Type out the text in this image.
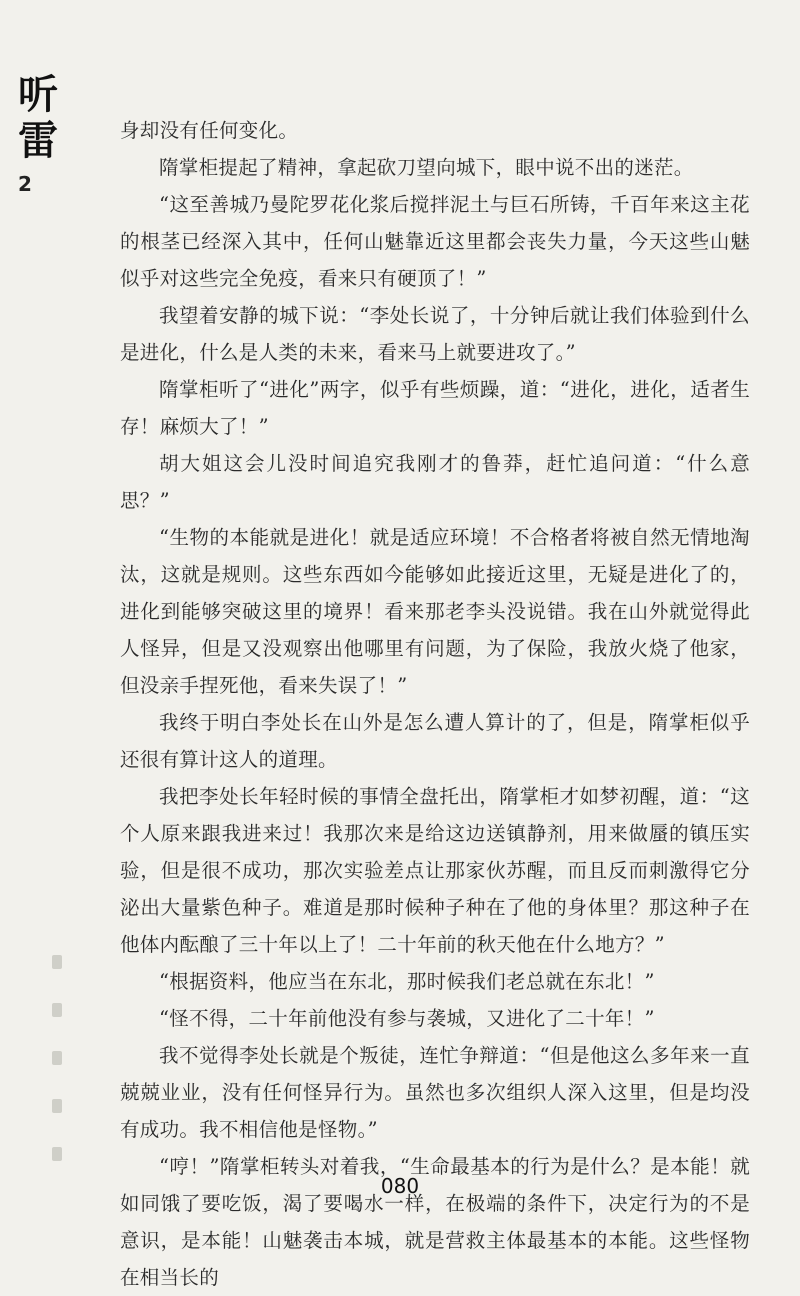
听雷
2

身却没有任何变化。

隋掌柜提起了精神，拿起砍刀望向城下，眼中说不出的迷茫。

“这至善城乃曼陀罗花化浆后搅拌泥土与巨石所铸，千百年来这主花的根茎已经深入其中，任何山魅靠近这里都会丧失力量，今天这些山魅似乎对这些完全免疫，看来只有硬顶了！”

我望着安静的城下说：“李处长说了，十分钟后就让我们体验到什么是进化，什么是人类的未来，看来马上就要进攻了。”

隋掌柜听了“进化”两字，似乎有些烦躁，道：“进化，进化，适者生存！麻烦大了！”

胡大姐这会儿没时间追究我刚才的鲁莽，赶忙追问道：“什么意思？”

“生物的本能就是进化！就是适应环境！不合格者将被自然无情地淘汰，这就是规则。这些东西如今能够如此接近这里，无疑是进化了的，进化到能够突破这里的境界！看来那老李头没说错。我在山外就觉得此人怪异，但是又没观察出他哪里有问题，为了保险，我放火烧了他家，但没亲手捏死他，看来失误了！”

我终于明白李处长在山外是怎么遭人算计的了，但是，隋掌柜似乎还很有算计这人的道理。

我把李处长年轻时候的事情全盘托出，隋掌柜才如梦初醒，道：“这个人原来跟我进来过！我那次来是给这边送镇静剂，用来做蜃的镇压实验，但是很不成功，那次实验差点让那家伙苏醒，而且反而刺激得它分泌出大量紫色种子。难道是那时候种子种在了他的身体里？那这种子在他体内酝酿了三十年以上了！二十年前的秋天他在什么地方？”

“根据资料，他应当在东北，那时候我们老总就在东北！”

“怪不得，二十年前他没有参与袭城，又进化了二十年！”

我不觉得李处长就是个叛徒，连忙争辩道：“但是他这么多年来一直兢兢业业，没有任何怪异行为。虽然也多次组织人深入这里，但是均没有成功。我不相信他是怪物。”

“哼！”隋掌柜转头对着我，“生命最基本的行为是什么？是本能！就如同饿了要吃饭，渴了要喝水一样，在极端的条件下，决定行为的不是意识，是本能！山魅袭击本城，就是营救主体最基本的本能。这些怪物在相当长的

080
